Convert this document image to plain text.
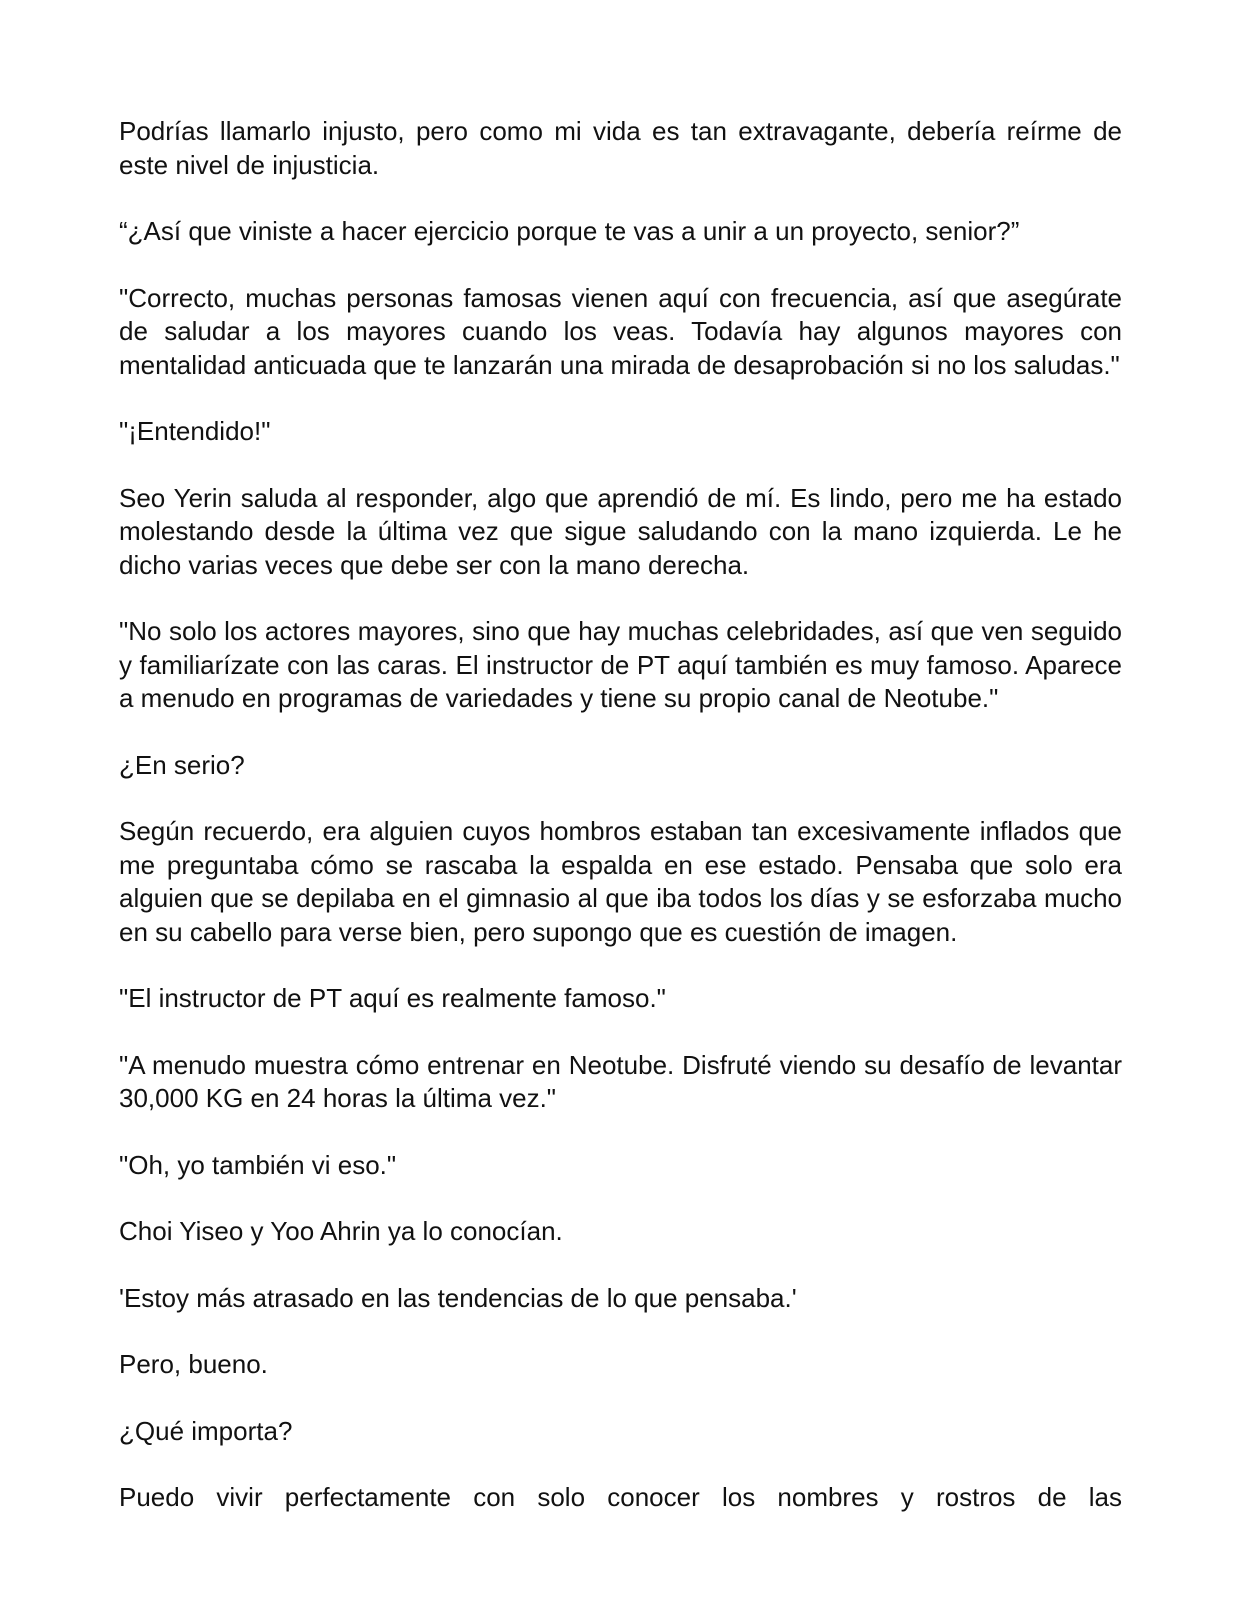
Podrías llamarlo injusto, pero como mi vida es tan extravagante, debería reírme de este nivel de injusticia.

“¿Así que viniste a hacer ejercicio porque te vas a unir a un proyecto, senior?”

"Correcto, muchas personas famosas vienen aquí con frecuencia, así que asegúrate de saludar a los mayores cuando los veas. Todavía hay algunos mayores con mentalidad anticuada que te lanzarán una mirada de desaprobación si no los saludas."

"¡Entendido!"

Seo Yerin saluda al responder, algo que aprendió de mí. Es lindo, pero me ha estado molestando desde la última vez que sigue saludando con la mano izquierda. Le he dicho varias veces que debe ser con la mano derecha.

"No solo los actores mayores, sino que hay muchas celebridades, así que ven seguido y familiarízate con las caras. El instructor de PT aquí también es muy famoso. Aparece a menudo en programas de variedades y tiene su propio canal de Neotube."

¿En serio?

Según recuerdo, era alguien cuyos hombros estaban tan excesivamente inflados que me preguntaba cómo se rascaba la espalda en ese estado. Pensaba que solo era alguien que se depilaba en el gimnasio al que iba todos los días y se esforzaba mucho en su cabello para verse bien, pero supongo que es cuestión de imagen.

"El instructor de PT aquí es realmente famoso."

"A menudo muestra cómo entrenar en Neotube. Disfruté viendo su desafío de levantar 30,000 KG en 24 horas la última vez."

"Oh, yo también vi eso."

Choi Yiseo y Yoo Ahrin ya lo conocían.

'Estoy más atrasado en las tendencias de lo que pensaba.'

Pero, bueno.

¿Qué importa?

Puedo vivir perfectamente con solo conocer los nombres y rostros de las
